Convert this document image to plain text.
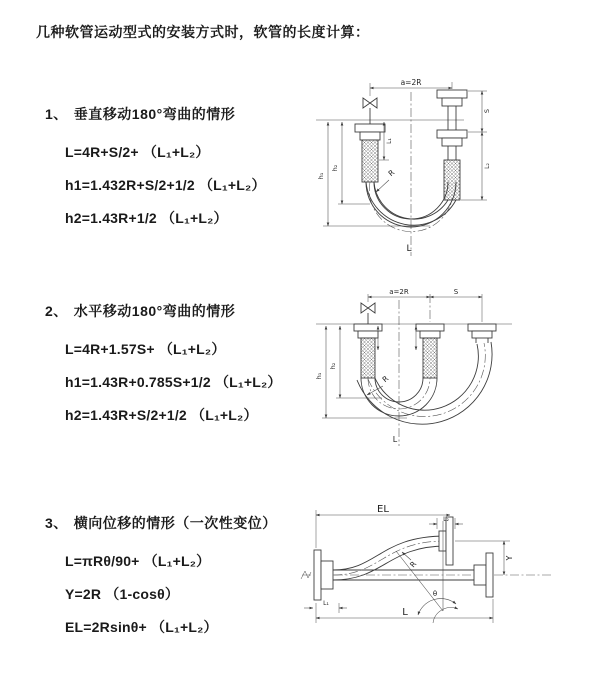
几种软管运动型式的安装方式时，软管的长度计算：
1、 垂直移动180°弯曲的情形
L=4R+S/2+ （L₁+L₂）
h1=1.432R+S/2+1/2 （L₁+L₂）
h2=1.43R+1/2 （L₁+L₂）
2、 水平移动180°弯曲的情形
L=4R+1.57S+ （L₁+L₂）
h1=1.43R+0.785S+1/2 （L₁+L₂）
h2=1.43R+S/2+1/2 （L₁+L₂）
3、 横向位移的情形（一次性变位）
L=πRθ/90+ （L₁+L₂）
Y=2R （1-cosθ）
EL=2Rsinθ+ （L₁+L₂）
a=2R
h₁
h₂
L₁
S
L₂
R
L
a=2R	S
h₁
h₂
R
L
EL
L₂
Y
θ
R
L
L₁
